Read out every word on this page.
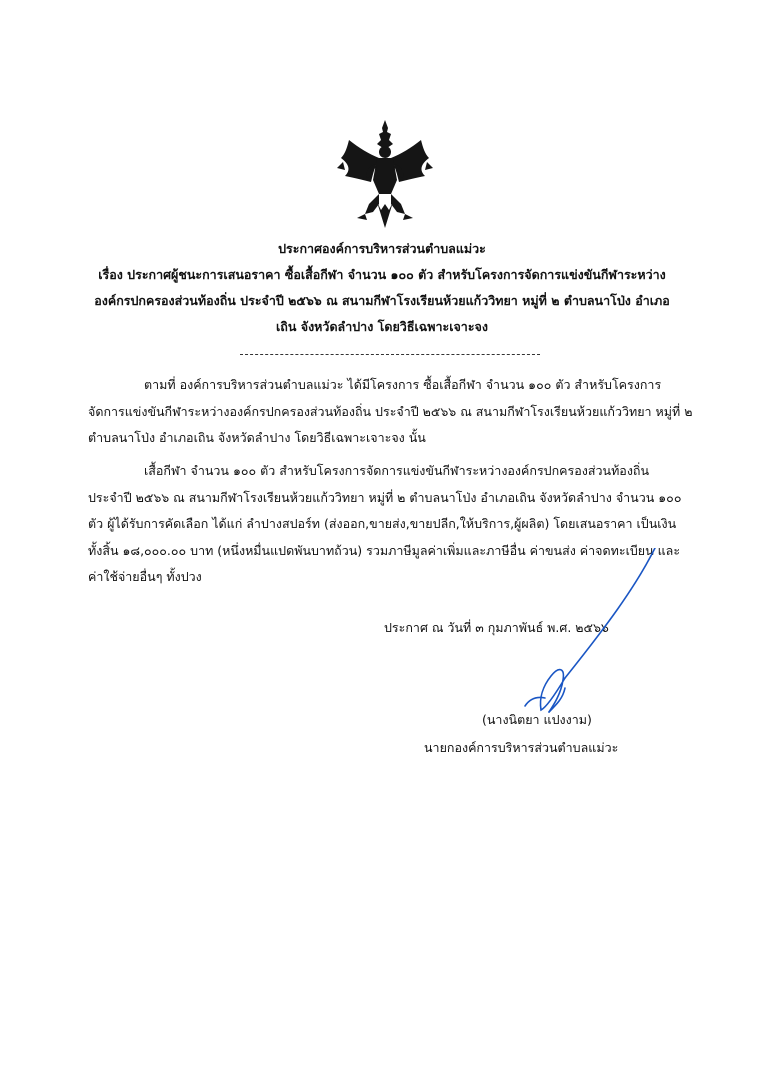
ประกาศองค์การบริหารส่วนตำบลแม่วะ
เรื่อง ประกาศผู้ชนะการเสนอราคา ซื้อเสื้อกีฬา จำนวน ๑๐๐ ตัว สำหรับโครงการจัดการแข่งขันกีฬาระหว่าง
องค์กรปกครองส่วนท้องถิ่น ประจำปี ๒๕๖๖ ณ สนามกีฬาโรงเรียนห้วยแก้ววิทยา หมู่ที่ ๒ ตำบลนาโป่ง อำเภอ
เถิน จังหวัดลำปาง โดยวิธีเฉพาะเจาะจง
ตามที่ องค์การบริหารส่วนตำบลแม่วะ ได้มีโครงการ ซื้อเสื้อกีฬา จำนวน ๑๐๐ ตัว สำหรับโครงการ
จัดการแข่งขันกีฬาระหว่างองค์กรปกครองส่วนท้องถิ่น ประจำปี ๒๕๖๖ ณ สนามกีฬาโรงเรียนห้วยแก้ววิทยา หมู่ที่ ๒
ตำบลนาโป่ง อำเภอเถิน จังหวัดลำปาง โดยวิธีเฉพาะเจาะจง นั้น
เสื้อกีฬา จำนวน ๑๐๐ ตัว สำหรับโครงการจัดการแข่งขันกีฬาระหว่างองค์กรปกครองส่วนท้องถิ่น
ประจำปี ๒๕๖๖ ณ สนามกีฬาโรงเรียนห้วยแก้ววิทยา หมู่ที่ ๒ ตำบลนาโป่ง อำเภอเถิน จังหวัดลำปาง จำนวน ๑๐๐
ตัว ผู้ได้รับการคัดเลือก ได้แก่ ลำปางสปอร์ท (ส่งออก,ขายส่ง,ขายปลีก,ให้บริการ,ผู้ผลิต) โดยเสนอราคา เป็นเงิน
ทั้งสิ้น ๑๘,๐๐๐.๐๐ บาท (หนึ่งหมื่นแปดพันบาทถ้วน) รวมภาษีมูลค่าเพิ่มและภาษีอื่น ค่าขนส่ง ค่าจดทะเบียน และ
ค่าใช้จ่ายอื่นๆ ทั้งปวง
ประกาศ ณ วันที่ ๓ กุมภาพันธ์ พ.ศ. ๒๕๖๖
(นางนิตยา แปงงาม)
นายกองค์การบริหารส่วนตำบลแม่วะ
